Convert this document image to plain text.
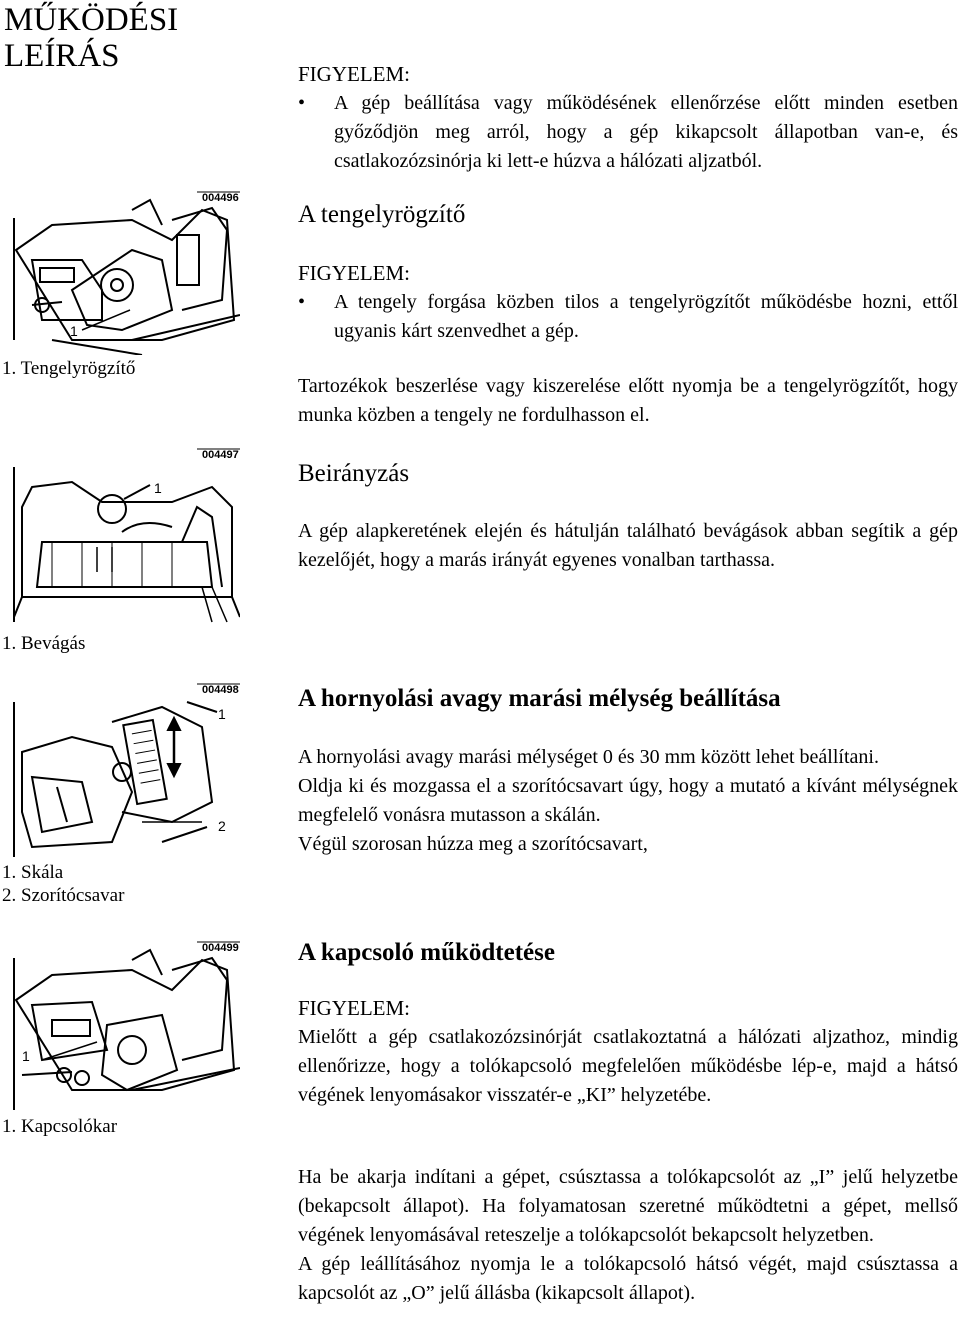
MŰKÖDÉSI
LEÍRÁS
004496
1
1. Tengelyrögzítő
004497
1
1. Bevágás
004498
1
2
1. Skála
2. Szorítócsavar
004499
1
1. Kapcsolókar

FIGYELEM:

• A gép beállítása vagy működésének ellenőrzése előtt minden esetben győződjön meg arról, hogy a gép kikapcsolt állapotban van-e, és csatlakozózsinórja ki lett-e húzva a hálózati aljzatból.
A tengelyrögzítő

FIGYELEM:

• A tengely forgása közben tilos a tengelyrögzítőt működésbe hozni, ettől ugyanis kárt szenvedhet a gép.

Tartozékok beszerlése vagy kiszerelése előtt nyomja be a tengelyrögzítőt, hogy munka közben a tengely ne fordulhasson el.

Beirányzás

A gép alapkeretének elején és hátulján található bevágások abban segítik a gép kezelőjét, hogy a marás irányát egyenes vonalban tarthassa.

A hornyolási avagy marási mélység beállítása

A hornyolási avagy marási mélységet 0 és 30 mm között lehet beállítani.

Oldja ki és mozgassa el a szorítócsavart úgy, hogy a mutató a kívánt mélységnek megfelelő vonásra mutasson a skálán.

Végül szorosan húzza meg a szorítócsavart,

A kapcsoló működtetése

FIGYELEM:

Mielőtt a gép csatlakozózsinórját csatlakoztatná a hálózati aljzathoz, mindig ellenőrizze, hogy a tolókapcsoló megfelelően működésbe lép-e, majd a hátsó végének lenyomásakor visszatér-e „KI” helyzetébe.

Ha be akarja indítani a gépet, csúsztassa a tolókapcsolót az „I” jelű helyzetbe (bekapcsolt állapot). Ha folyamatosan szeretné működtetni a gépet, mellső végének lenyomásával reteszelje a tolókapcsolót bekapcsolt helyzetben.

A gép leállításához nyomja le a tolókapcsoló hátsó végét, majd csúsztassa a kapcsolót az „O” jelű állásba (kikapcsolt állapot).
